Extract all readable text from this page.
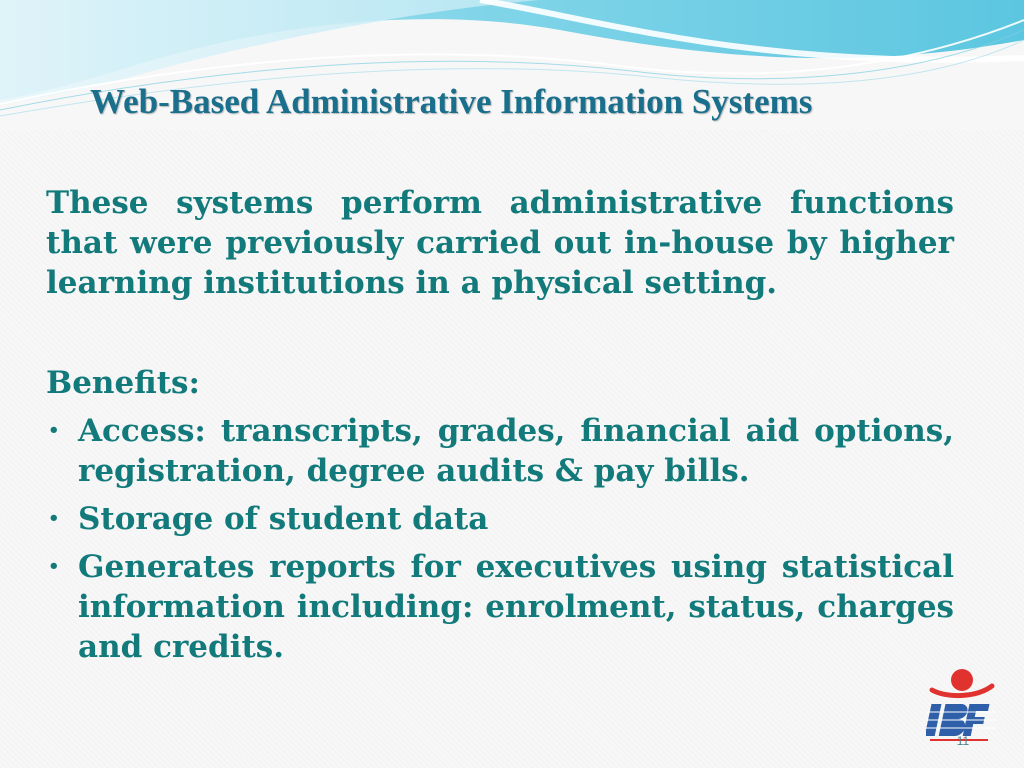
Web-Based Administrative Information Systems

These systems perform administrative functions
that were previously carried out in-house by higher learning institutions in a physical setting.

Benefits:

• Access: transcripts, grades, financial aid options, registration, degree audits & pay bills.
• Storage of student data
• Generates reports for executives using statistical information including: enrolment, status, charges and credits.
11
